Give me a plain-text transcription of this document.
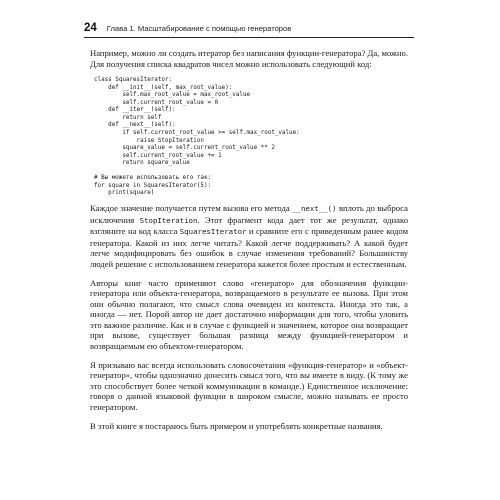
24 Глава 1. Масштабирование с помощью генераторов

Например, можно ли создать итератор без написания функции-генератора? Да, можно. Для получения списка квадратов чисел можно использовать следующий код:

class SquaresIterator:
def __init__(self, max_root_value):
self.max_root_value = max_root_value
self.current_root_value = 0
def __iter__(self):
return self
def __next__(self):
if self.current_root_value >= self.max_root_value:
raise StopIteration
square_value = self.current_root_value ** 2
self.current_root_value += 1
return square_value

# Вы можете использовать его так:
for square in SquaresIterator(5):
print(square)

Каждое значение получается путем вызова его метода __next__() вплоть до выброса исключения StopIteration. Этот фрагмент кода дает тот же результат, однако взгляните на код класса SquaresIterator и сравните его с приведенным ранее кодом генератора. Какой из них легче читать? Какой легче поддерживать? А какой будет легче модифицировать без ошибок в случае изменения требований? Большинству людей решение с использованием генератора кажется более простым и естественным.

Авторы книг часто применяют слово «генератор» для обозначения функции-генератора или объекта-генератора, возвращаемого в результате ее вызова. При этом они обычно полагают, что смысл слова очевиден из контекста. Иногда это так, а иногда — нет. Порой автор не дает достаточно информации для того, чтобы уловить это важное различие. Как и в случае с функцией и значением, которое она возвращает при вызове, существует большая разница между функцией-генератором и возвращаемым ею объектом-генератором.

Я призываю вас всегда использовать словосочетания «функция-генератор» и «объект-генератор», чтобы однозначно донесить смысл того, что вы имеете в виду. (К тому же это способствует более четкой коммуникации в команде.) Единственное исключение: говоря о данной языковой функции в широком смысле, можно называть ее просто генератором.

В этой книге я постараюсь быть примером и употреблять конкретные названия.
